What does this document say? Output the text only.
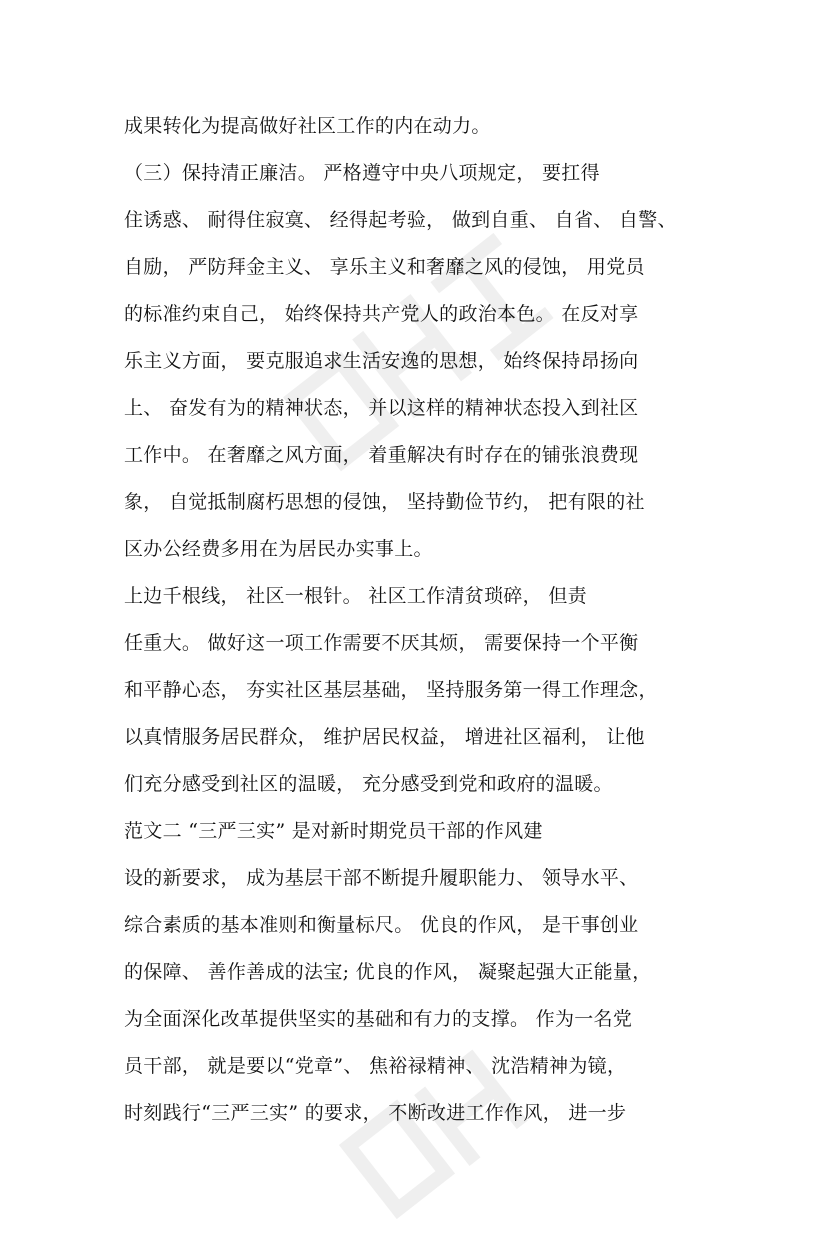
成果转化为提高做好社区工作的内在动力。
（三）保持清正廉洁。 严格遵守中央八项规定， 要扛得
住诱惑、 耐得住寂寞、 经得起考验， 做到自重、 自省、 自警、
自励， 严防拜金主义、 享乐主义和奢靡之风的侵蚀， 用党员
的标准约束自己， 始终保持共产党人的政治本色。 在反对享
乐主义方面， 要克服追求生活安逸的思想， 始终保持昂扬向
上、 奋发有为的精神状态， 并以这样的精神状态投入到社区
工作中。 在奢靡之风方面， 着重解决有时存在的铺张浪费现
象， 自觉抵制腐朽思想的侵蚀， 坚持勤俭节约， 把有限的社
区办公经费多用在为居民办实事上。
上边千根线， 社区一根针。 社区工作清贫琐碎， 但责
任重大。 做好这一项工作需要不厌其烦， 需要保持一个平衡
和平静心态， 夯实社区基层基础， 坚持服务第一得工作理念，
以真情服务居民群众， 维护居民权益， 增进社区福利， 让他
们充分感受到社区的温暖， 充分感受到党和政府的温暖。
范文二 “三严三实” 是对新时期党员干部的作风建
设的新要求， 成为基层干部不断提升履职能力、 领导水平、
综合素质的基本准则和衡量标尺。 优良的作风， 是干事创业
的保障、 善作善成的法宝; 优良的作风， 凝聚起强大正能量，
为全面深化改革提供坚实的基础和有力的支撑。 作为一名党
员干部， 就是要以“党章”、 焦裕禄精神、 沈浩精神为镜，
时刻践行“三严三实” 的要求， 不断改进工作作风， 进一步
